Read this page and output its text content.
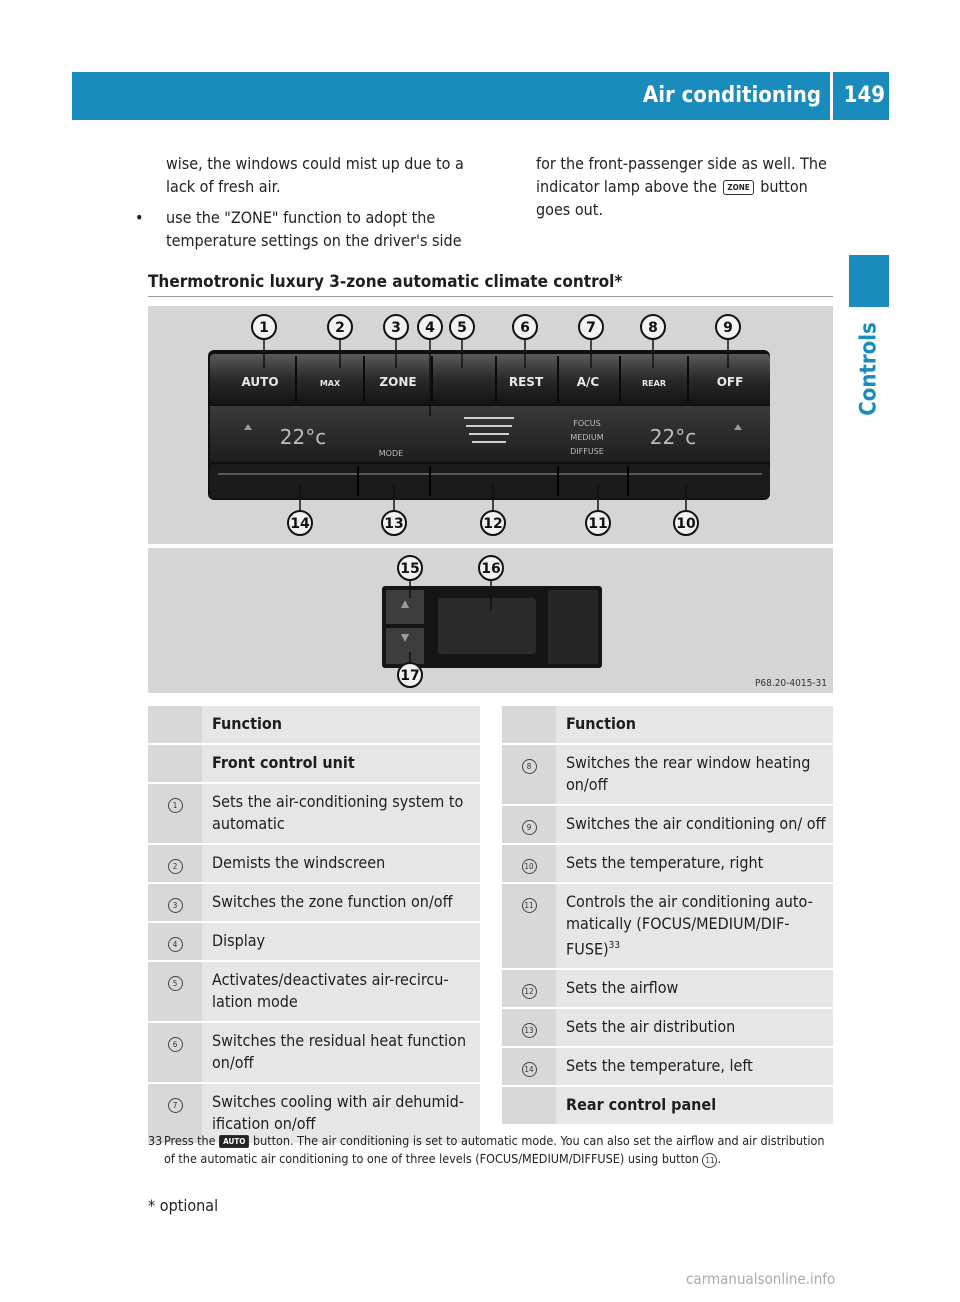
Air conditioning 149
Controls

wise, the windows could mist up due to a lack of fresh air.

• use the "ZONE" function to adopt the temperature settings on the driver's side

for the front-passenger side as well. The indicator lamp above the ZONE button goes out.
Thermotronic luxury 3-zone automatic climate control*
AUTO	MAX	ZONE	REST	A/C	REAR	OFF
22°c	22°c
MODE
FOCUS
MEDIUM
DIFFUSE
1	2	3 4 5	6	7	8	9
14	13	12	11	10
15	16
17	P68.20-4015-31
	Function
	Front control unit
1	Sets the air-conditioning system to automatic
2	Demists the windscreen
3	Switches the zone function on/off
4	Display
5	Activates/deactivates air-recircu-lation mode
6	Switches the residual heat function on/off
7	Switches cooling with air dehumid-ification on/off
	Function
8	Switches the rear window heating on/off
9	Switches the air conditioning on/ off
10	Sets the temperature, right
11	Controls the air conditioning auto-matically (FOCUS/MEDIUM/DIF-FUSE)$^{33}$
12	Sets the airflow
13	Sets the air distribution
14	Sets the temperature, left
	Rear control panel
33 Press the AUTO button. The air conditioning is set to automatic mode. You can also set the airflow and air distribution of the automatic air conditioning to one of three levels (FOCUS/MEDIUM/DIFFUSE) using button 11 .
* optional
carmanualsonline.info
